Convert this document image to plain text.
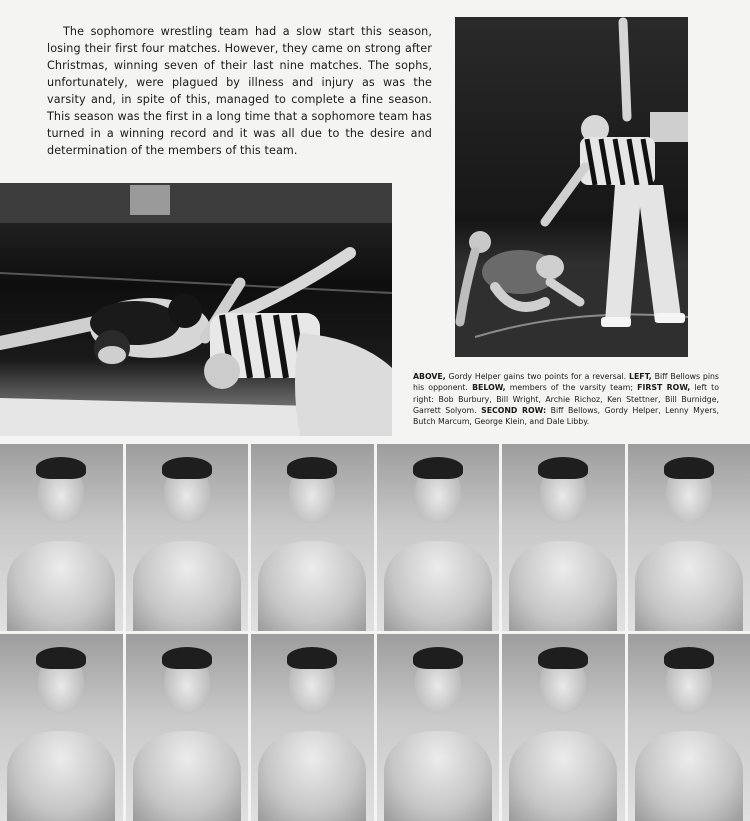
The sophomore wrestling team had a slow start this season, losing their first four matches. However, they came on strong after Christmas, winning seven of their last nine matches. The sophs, unfortunately, were plagued by illness and injury as was the varsity and, in spite of this, managed to complete a fine season. This season was the first in a long time that a sophomore team has turned in a winning record and it was all due to the desire and determination of the members of this team.

ABOVE, Gordy Helper gains two points for a reversal. LEFT, Biff Bellows pins his opponent. BELOW, members of the varsity team; FIRST ROW, left to right: Bob Burbury, Bill Wright, Archie Richoz, Ken Stettner, Bill Burnidge, Garrett Solyom. SECOND ROW: Biff Bellows, Gordy Helper, Lenny Myers, Butch Marcum, George Klein, and Dale Libby.
